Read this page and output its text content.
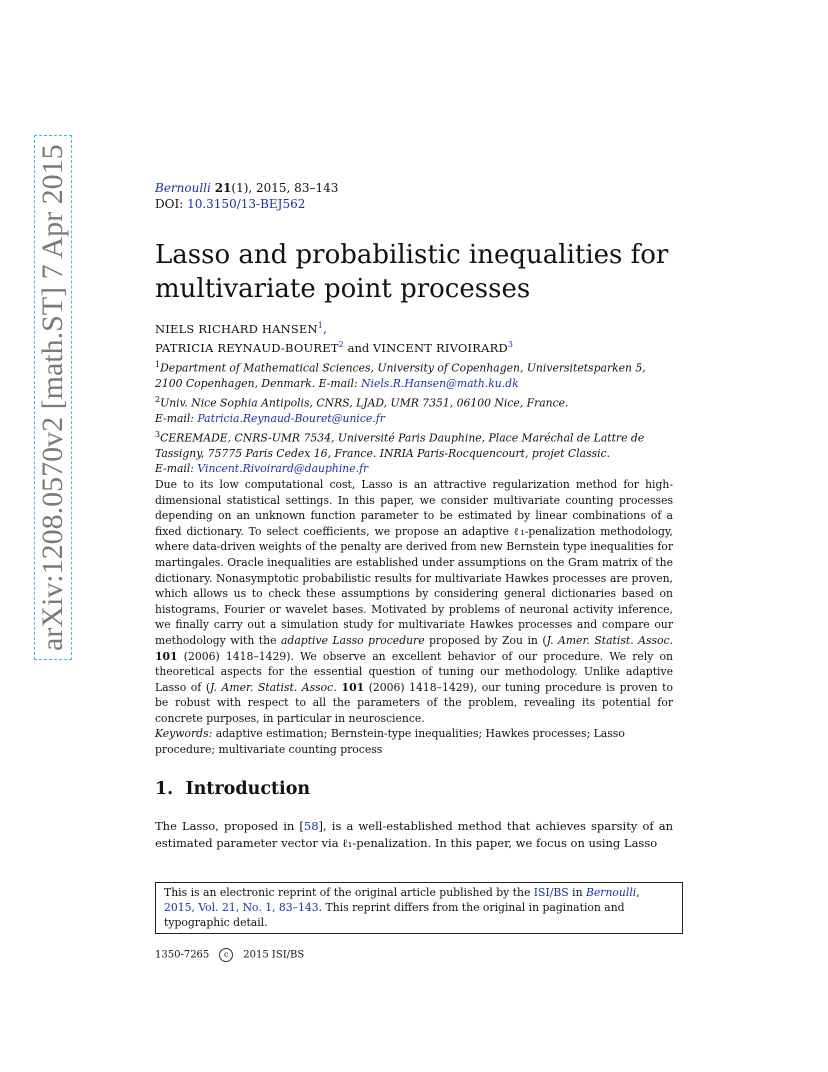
arXiv:1208.0570v2 [math.ST] 7 Apr 2015	Bernoulli 21(1), 2015, 83–143
DOI: 10.3150/13-BEJ562
Lasso and probabilistic inequalities for
multivariate point processes
NIELS RICHARD HANSEN$^1$,
PATRICIA REYNAUD-BOURET$^2$ and VINCENT RIVOIRARD$^3$
$^1$Department of Mathematical Sciences, University of Copenhagen, Universitetsparken 5, 2100 Copenhagen, Denmark. E-mail: Niels.R.Hansen@math.ku.dk
$^2$Univ. Nice Sophia Antipolis, CNRS, LJAD, UMR 7351, 06100 Nice, France.
E-mail: Patricia.Reynaud-Bouret@unice.fr
$^3$CEREMADE, CNRS-UMR 7534, Université Paris Dauphine, Place Maréchal de Lattre de Tassigny, 75775 Paris Cedex 16, France. INRIA Paris-Rocquencourt, projet Classic.
E-mail: Vincent.Rivoirard@dauphine.fr
Due to its low computational cost, Lasso is an attractive regularization method for high-dimensional statistical settings. In this paper, we consider multivariate counting processes depending on an unknown function parameter to be estimated by linear combinations of a fixed dictionary. To select coefficients, we propose an adaptive ℓ₁-penalization methodology, where data-driven weights of the penalty are derived from new Bernstein type inequalities for martingales. Oracle inequalities are established under assumptions on the Gram matrix of the dictionary. Nonasymptotic probabilistic results for multivariate Hawkes processes are proven, which allows us to check these assumptions by considering general dictionaries based on histograms, Fourier or wavelet bases. Motivated by problems of neuronal activity inference, we finally carry out a simulation study for multivariate Hawkes processes and compare our methodology with the adaptive Lasso procedure proposed by Zou in (J. Amer. Statist. Assoc. 101 (2006) 1418–1429). We observe an excellent behavior of our procedure. We rely on theoretical aspects for the essential question of tuning our methodology. Unlike adaptive Lasso of (J. Amer. Statist. Assoc. 101 (2006) 1418–1429), our tuning procedure is proven to be robust with respect to all the parameters of the problem, revealing its potential for concrete purposes, in particular in neuroscience.
Keywords: adaptive estimation; Bernstein-type inequalities; Hawkes processes; Lasso procedure; multivariate counting process
1. Introduction
The Lasso, proposed in [58], is a well-established method that achieves sparsity of an estimated parameter vector via ℓ₁-penalization. In this paper, we focus on using Lasso
This is an electronic reprint of the original article published by the ISI/BS in Bernoulli,
2015, Vol. 21, No. 1, 83–143. This reprint differs from the original in pagination and typographic detail.
1350-7265 c 2015 ISI/BS
